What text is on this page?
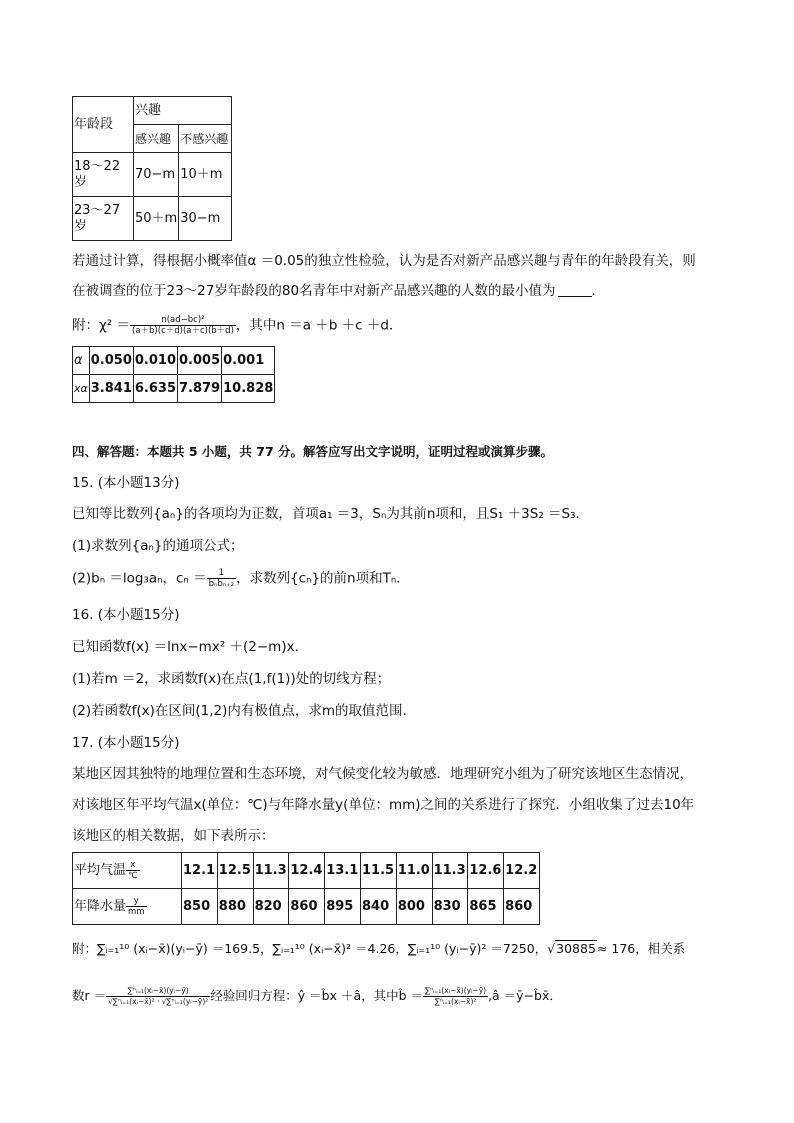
年龄段	兴趣	
	感兴趣	不感兴趣
18～22
岁	70−m	10＋m
23～27
岁	50＋m	30−m
若通过计算，得根据小概率值α ＝0.05的独立性检验，认为是否对新产品感兴趣与青年的年龄段有关，则
在被调查的位于23～27岁年龄段的80名青年中对新产品感兴趣的人数的最小值为	．
附：$\chi^2 = \frac{\text{n(ad−bc)²}}{(a+b)(c+d)(a+c)(b+d)}$ ，其中n ＝a ＋b ＋c ＋d．
α	0.050	0.010	0.005	0.001
xα	3.841	6.635	7.879	10.828
四、解答题：本题共 5 小题，共 77 分。解答应写出文字说明，证明过程或演算步骤。
15. (本小题13分)
已知等比数列{aₙ}的各项均为正数，首项a₁ ＝3，Sₙ为其前n项和，且S₁ ＋3S₂ ＝S₃．
(1)求数列{aₙ}的通项公式；
(2)bₙ ＝log₃aₙ，$c_n = \frac{1}{\text{bₙbₙ₊₂}}$ ，求数列{cₙ}的前n项和Tₙ．
16. (本小题15分)
已知函数f(x) ＝lnx−mx² ＋(2−m)x．
(1)若m ＝2，求函数f(x)在点(1,f(1))处的切线方程；
(2)若函数f(x)在区间(1,2)内有极值点，求m的取值范围．
17. (本小题15分)
某地区因其独特的地理位置和生态环境，对气候变化较为敏感．地理研究小组为了研究该地区生态情况，
对该地区年平均气温x(单位：℃)与年降水量y(单位：mm)之间的关系进行了探究．小组收集了过去10年
该地区的相关数据，如下表所示：
平均气温 $\frac{x}{℃}$	12.1	12.5	11.3	12.4	13.1	11.5	11.0	11.3	12.6	12.2
年降水量 $\frac{y}{mm}$	850	880	820	860	895	840	800	830	865	860
附：∑ᵢ₌₁¹⁰ (xᵢ−x̄)(yᵢ−ȳ) ＝169.5，∑ᵢ₌₁¹⁰ (xᵢ−x̄)² ＝4.26，∑ᵢ₌₁¹⁰ (yᵢ−ȳ)² ＝7250，√30885≈ 176，相关系
数$r = \frac{\text{∑ⁿᵢ₌₁(xᵢ−x̄)(yᵢ−ȳ)}}{\text{√∑ⁿᵢ₌₁(xᵢ−x̄)² · √∑ⁿᵢ₌₁(yᵢ−ȳ)²}}$ 经验回归方程：ŷ ＝b̂x ＋â，其中b̂ ＝ $\frac{\text{∑ⁿᵢ₌₁(xᵢ−x̄)(yᵢ−ȳ)}}{\text{∑ⁿᵢ₌₁(xᵢ−x̄)²}}$ ,â ＝ȳ−b̂x̄．
